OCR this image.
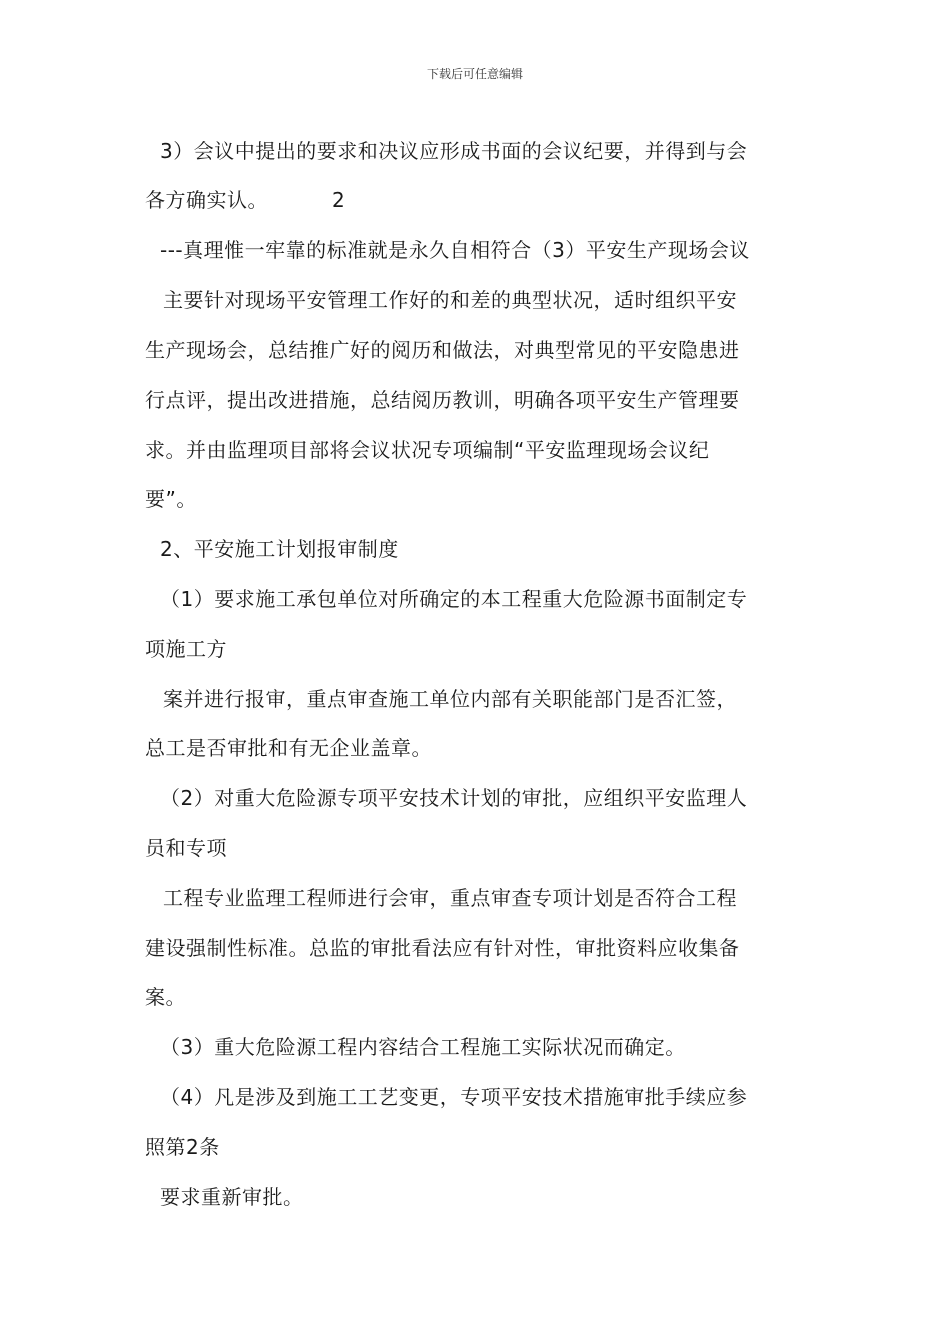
下载后可任意编辑
3）会议中提出的要求和决议应形成书面的会议纪要，并得到与会
各方确实认。	2
---真理惟一牢靠的标准就是永久自相符合（3）平安生产现场会议
主要针对现场平安管理工作好的和差的典型状况，适时组织平安
生产现场会，总结推广好的阅历和做法，对典型常见的平安隐患进
行点评，提出改进措施，总结阅历教训，明确各项平安生产管理要
求。并由监理项目部将会议状况专项编制“平安监理现场会议纪
要”。
2、平安施工计划报审制度
（1）要求施工承包单位对所确定的本工程重大危险源书面制定专
项施工方
案并进行报审，重点审查施工单位内部有关职能部门是否汇签，
总工是否审批和有无企业盖章。
（2）对重大危险源专项平安技术计划的审批，应组织平安监理人
员和专项
工程专业监理工程师进行会审，重点审查专项计划是否符合工程
建设强制性标准。总监的审批看法应有针对性，审批资料应收集备
案。
（3）重大危险源工程内容结合工程施工实际状况而确定。
（4）凡是涉及到施工工艺变更，专项平安技术措施审批手续应参
照第2条
要求重新审批。
